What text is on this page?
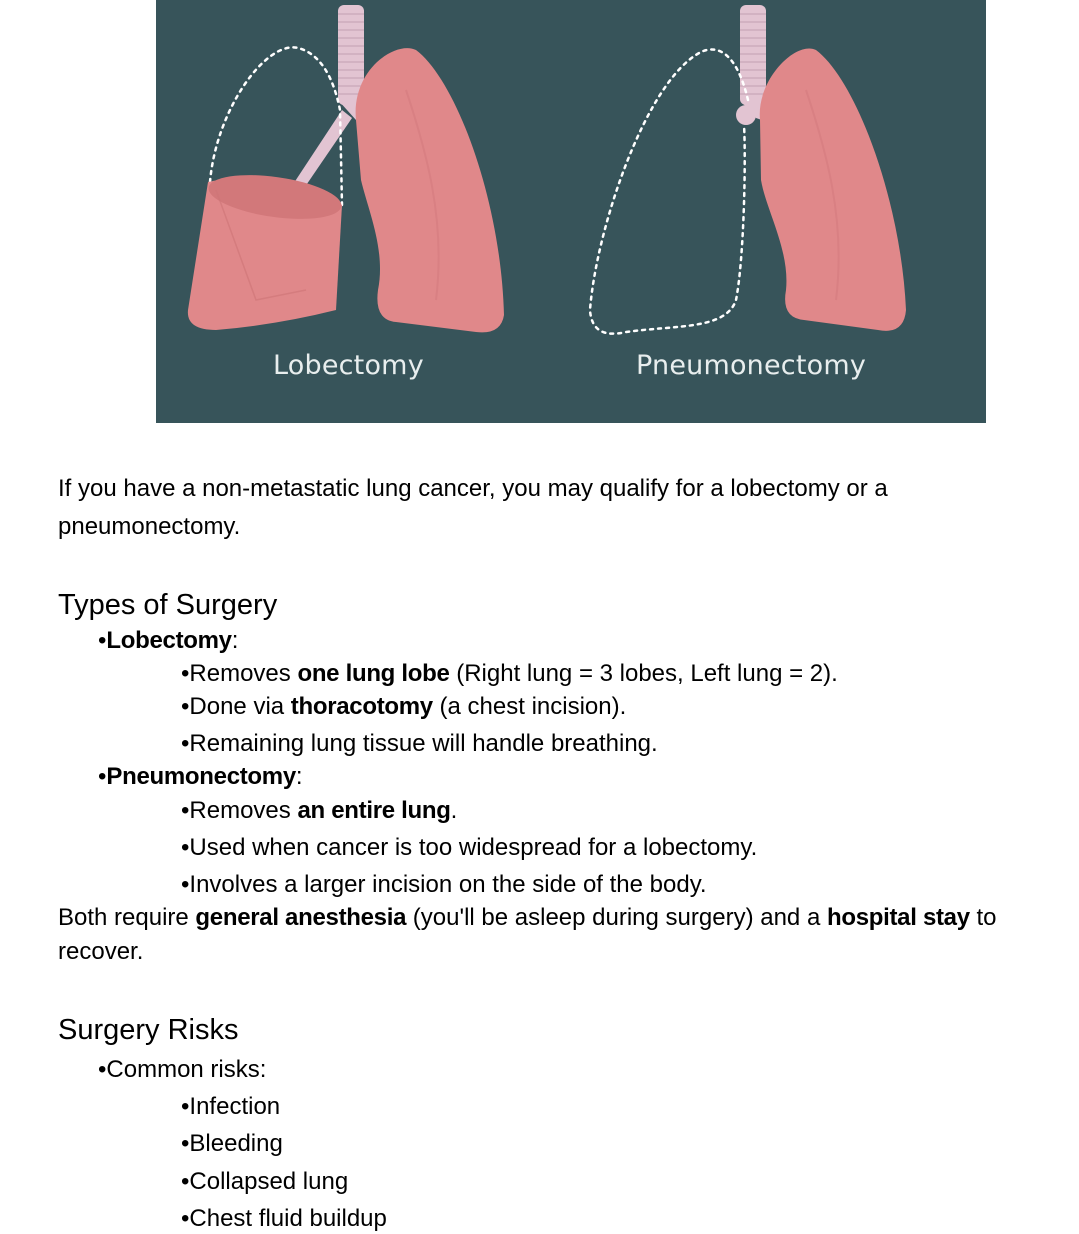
Lobectomy	Pneumonectomy
If you have a non-metastatic lung cancer, you may qualify for a lobectomy or a
pneumonectomy.
Types of Surgery
•Lobectomy:
•Removes one lung lobe (Right lung = 3 lobes, Left lung = 2).
•Done via thoracotomy (a chest incision).
•Remaining lung tissue will handle breathing.
•Pneumonectomy:
•Removes an entire lung.
•Used when cancer is too widespread for a lobectomy.
•Involves a larger incision on the side of the body.
Both require general anesthesia (you'll be asleep during surgery) and a hospital stay to
recover.
Surgery Risks
•Common risks:
•Infection
•Bleeding
•Collapsed lung
•Chest fluid buildup
